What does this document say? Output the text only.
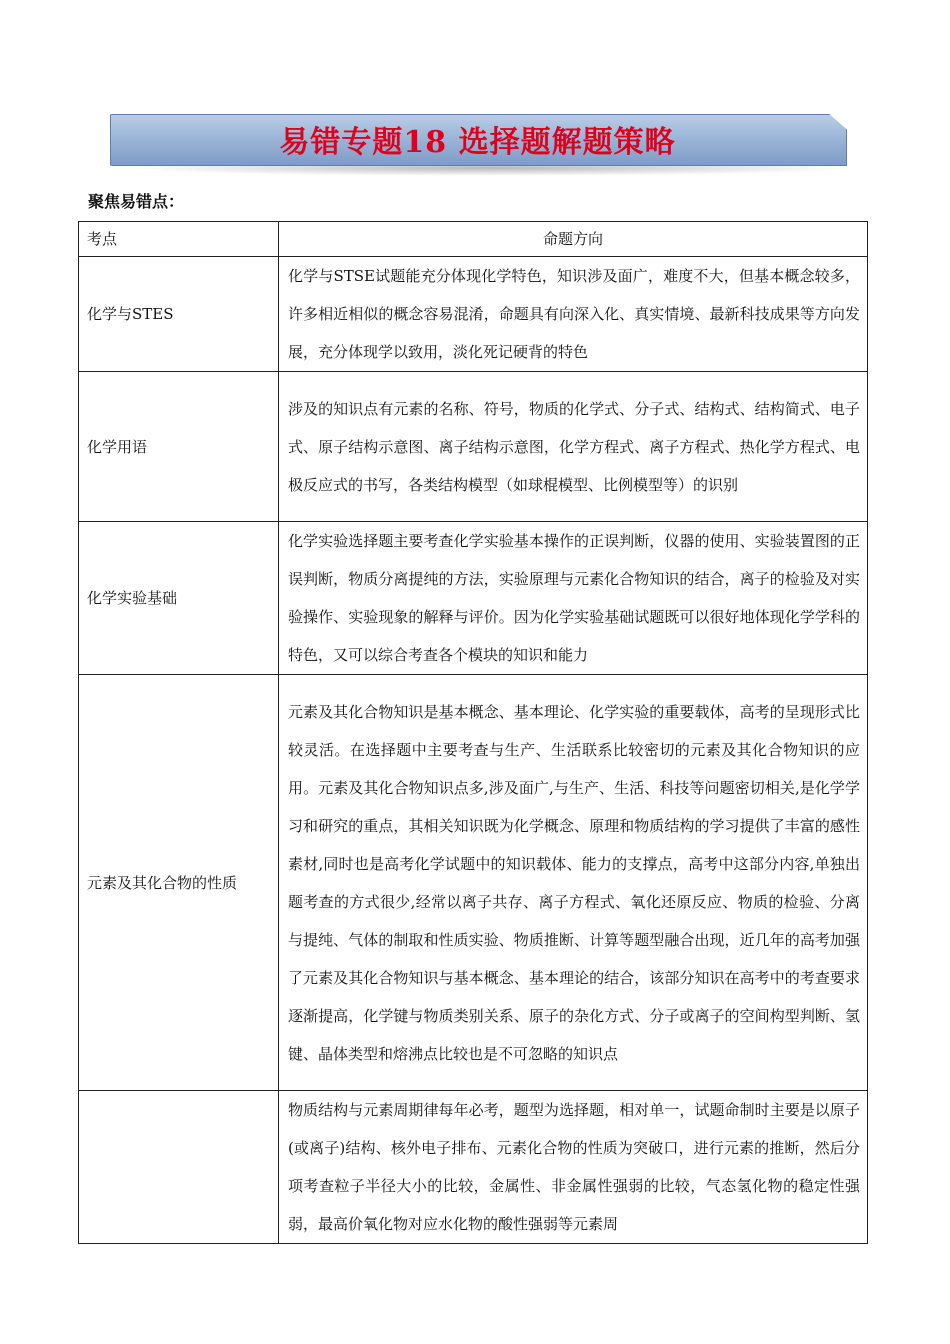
易错专题18 选择题解题策略
聚焦易错点：
考点	命题方向
化学与STES	化学与STSE试题能充分体现化学特色，知识涉及面广，难度不大，但基本概念较多，许多相近相似的概念容易混淆，命题具有向深入化、真实情境、最新科技成果等方向发展，充分体现学以致用，淡化死记硬背的特色
化学用语	涉及的知识点有元素的名称、符号，物质的化学式、分子式、结构式、结构简式、电子式、原子结构示意图、离子结构示意图，化学方程式、离子方程式、热化学方程式、电极反应式的书写，各类结构模型（如球棍模型、比例模型等）的识别
化学实验基础	化学实验选择题主要考查化学实验基本操作的正误判断，仪器的使用、实验装置图的正误判断，物质分离提纯的方法，实验原理与元素化合物知识的结合，离子的检验及对实验操作、实验现象的解释与评价。因为化学实验基础试题既可以很好地体现化学学科的特色，又可以综合考查各个模块的知识和能力
元素及其化合物的性质	元素及其化合物知识是基本概念、基本理论、化学实验的重要载体，高考的呈现形式比较灵活。在选择题中主要考查与生产、生活联系比较密切的元素及其化合物知识的应用。元素及其化合物知识点多,涉及面广,与生产、生活、科技等问题密切相关,是化学学习和研究的重点，其相关知识既为化学概念、原理和物质结构的学习提供了丰富的感性素材,同时也是高考化学试题中的知识载体、能力的支撑点，高考中这部分内容,单独出题考查的方式很少,经常以离子共存、离子方程式、氧化还原反应、物质的检验、分离与提纯、气体的制取和性质实验、物质推断、计算等题型融合出现，近几年的高考加强了元素及其化合物知识与基本概念、基本理论的结合，该部分知识在高考中的考查要求逐渐提高，化学键与物质类别关系、原子的杂化方式、分子或离子的空间构型判断、氢键、晶体类型和熔沸点比较也是不可忽略的知识点
	物质结构与元素周期律每年必考，题型为选择题，相对单一，试题命制时主要是以原子(或离子)结构、核外电子排布、元素化合物的性质为突破口，进行元素的推断，然后分项考查粒子半径大小的比较，金属性、非金属性强弱的比较，气态氢化物的稳定性强弱，最高价氧化物对应水化物的酸性强弱等元素周
